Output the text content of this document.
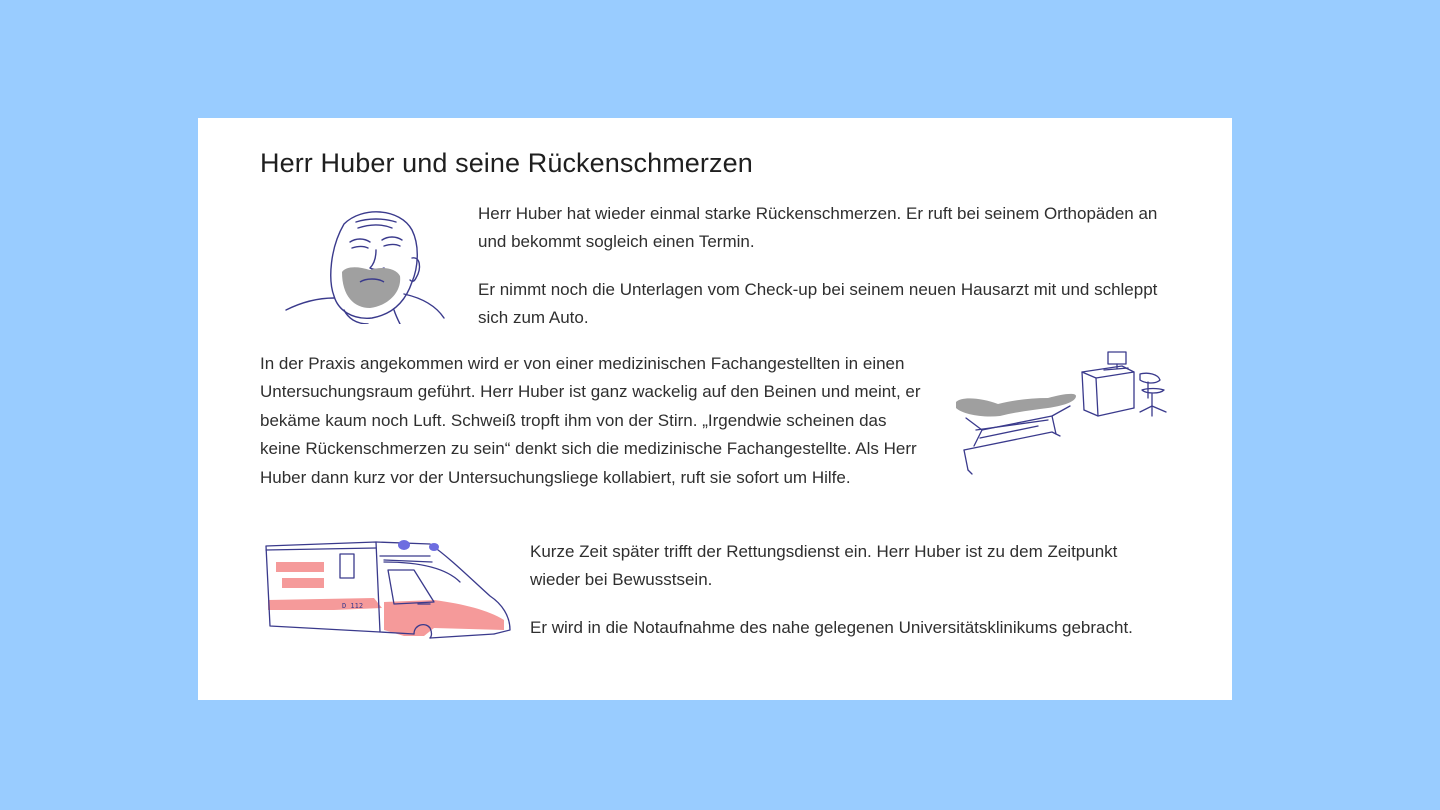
Herr Huber und seine Rückenschmerzen

Herr Huber hat wieder einmal starke Rückenschmerzen. Er ruft bei seinem Orthopäden an und bekommt sogleich einen Termin.

Er nimmt noch die Unterlagen vom Check-up bei seinem neuen Hausarzt mit und schleppt sich zum Auto.

In der Praxis angekommen wird er von einer medizinischen Fachangestellten in einen Untersuchungsraum geführt. Herr Huber ist ganz wackelig auf den Beinen und meint, er bekäme kaum noch Luft. Schweiß tropft ihm von der Stirn. „Irgendwie scheinen das keine Rückenschmerzen zu sein“ denkt sich die medizinische Fachangestellte. Als Herr Huber dann kurz vor der Untersuchungsliege kollabiert, ruft sie sofort um Hilfe.

D 112

Kurze Zeit später trifft der Rettungsdienst ein. Herr Huber ist zu dem Zeitpunkt wieder bei Bewusstsein.

Er wird in die Notaufnahme des nahe gelegenen Universitätsklinikums gebracht.
